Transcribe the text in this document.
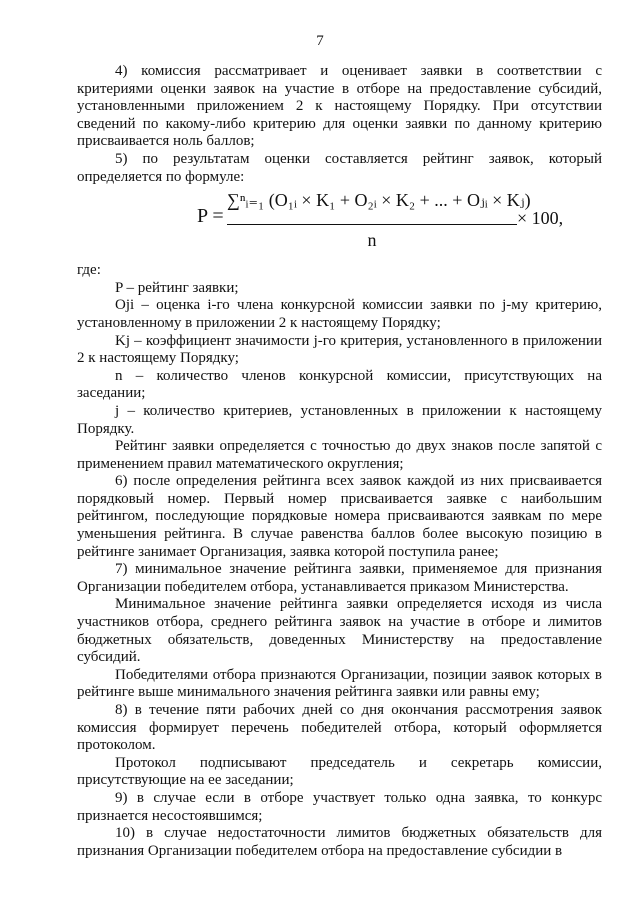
7

4) комиссия рассматривает и оценивает заявки в соответствии с критериями оценки заявок на участие в отборе на предоставление субсидий, установленными приложением 2 к настоящему Порядку. При отсутствии сведений по какому-либо критерию для оценки заявки по данному критерию присваивается ноль баллов;

5) по результатам оценки составляется рейтинг заявок, который определяется по формуле:

P =
∑ⁿᵢ₌₁ (O₁ᵢ × K₁ + O₂ᵢ × K₂ + ... + Oⱼᵢ × Kⱼ)
n
× 100,

где:

P – рейтинг заявки;

Oji – оценка i-го члена конкурсной комиссии заявки по j-му критерию, установленному в приложении 2 к настоящему Порядку;

Kj – коэффициент значимости j-го критерия, установленного в приложении 2 к настоящему Порядку;

n – количество членов конкурсной комиссии, присутствующих на заседании;

j – количество критериев, установленных в приложении к настоящему Порядку.

Рейтинг заявки определяется с точностью до двух знаков после запятой с применением правил математического округления;

6) после определения рейтинга всех заявок каждой из них присваивается порядковый номер. Первый номер присваивается заявке с наибольшим рейтингом, последующие порядковые номера присваиваются заявкам по мере уменьшения рейтинга. В случае равенства баллов более высокую позицию в рейтинге занимает Организация, заявка которой поступила ранее;

7) минимальное значение рейтинга заявки, применяемое для признания Организации победителем отбора, устанавливается приказом Министерства.

Минимальное значение рейтинга заявки определяется исходя из числа участников отбора, среднего рейтинга заявок на участие в отборе и лимитов бюджетных обязательств, доведенных Министерству на предоставление субсидий.

Победителями отбора признаются Организации, позиции заявок которых в рейтинге выше минимального значения рейтинга заявки или равны ему;

8) в течение пяти рабочих дней со дня окончания рассмотрения заявок комиссия формирует перечень победителей отбора, который оформляется протоколом.

Протокол подписывают председатель и секретарь комиссии, присутствующие на ее заседании;

9) в случае если в отборе участвует только одна заявка, то конкурс признается несостоявшимся;

10) в случае недостаточности лимитов бюджетных обязательств для признания Организации победителем отбора на предоставление субсидии в
